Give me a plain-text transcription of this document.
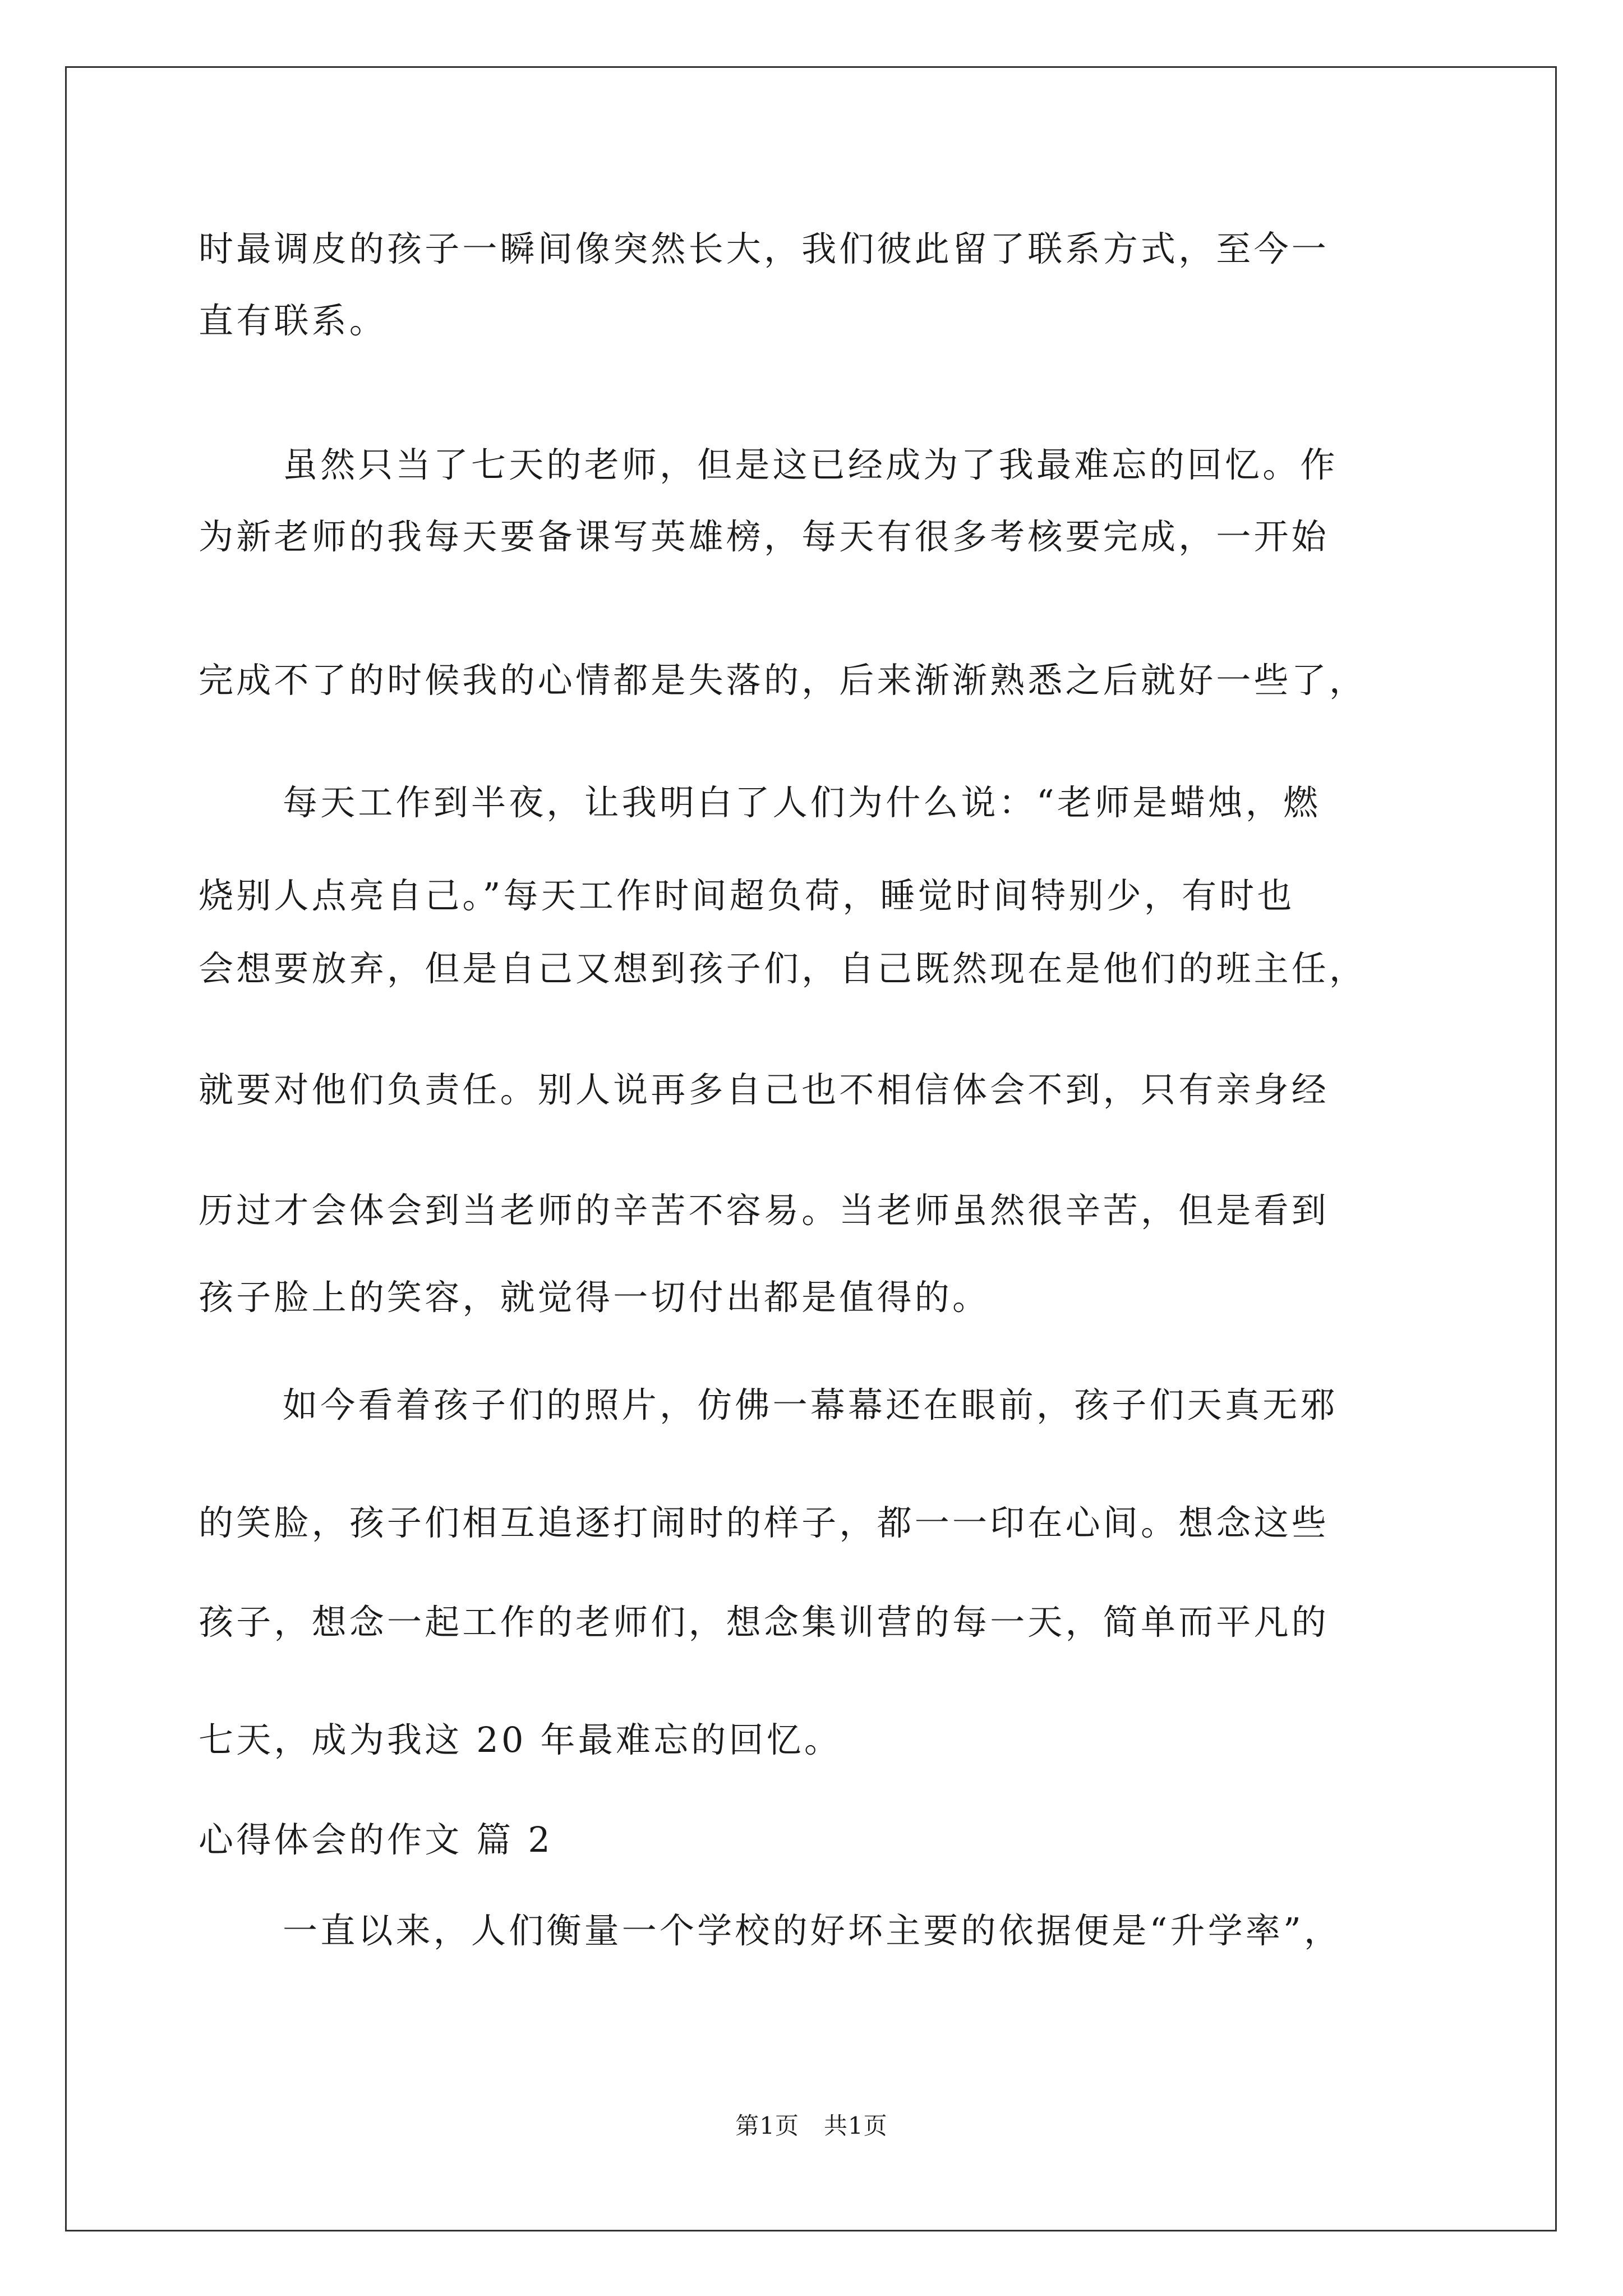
时最调皮的孩子一瞬间像突然长大，我们彼此留了联系方式，至今一
直有联系。
虽然只当了七天的老师，但是这已经成为了我最难忘的回忆。作
为新老师的我每天要备课写英雄榜，每天有很多考核要完成，一开始
完成不了的时候我的心情都是失落的，后来渐渐熟悉之后就好一些了，
每天工作到半夜，让我明白了人们为什么说：“老师是蜡烛，燃
烧别人点亮自己。”每天工作时间超负荷，睡觉时间特别少，有时也
会想要放弃，但是自己又想到孩子们，自己既然现在是他们的班主任，
就要对他们负责任。别人说再多自己也不相信体会不到，只有亲身经
历过才会体会到当老师的辛苦不容易。当老师虽然很辛苦，但是看到
孩子脸上的笑容，就觉得一切付出都是值得的。
如今看着孩子们的照片，仿佛一幕幕还在眼前，孩子们天真无邪
的笑脸，孩子们相互追逐打闹时的样子，都一一印在心间。想念这些
孩子，想念一起工作的老师们，想念集训营的每一天，简单而平凡的
七天，成为我这 20 年最难忘的回忆。
心得体会的作文 篇 2
一直以来，人们衡量一个学校的好坏主要的依据便是“升学率”，
第1页 共1页
